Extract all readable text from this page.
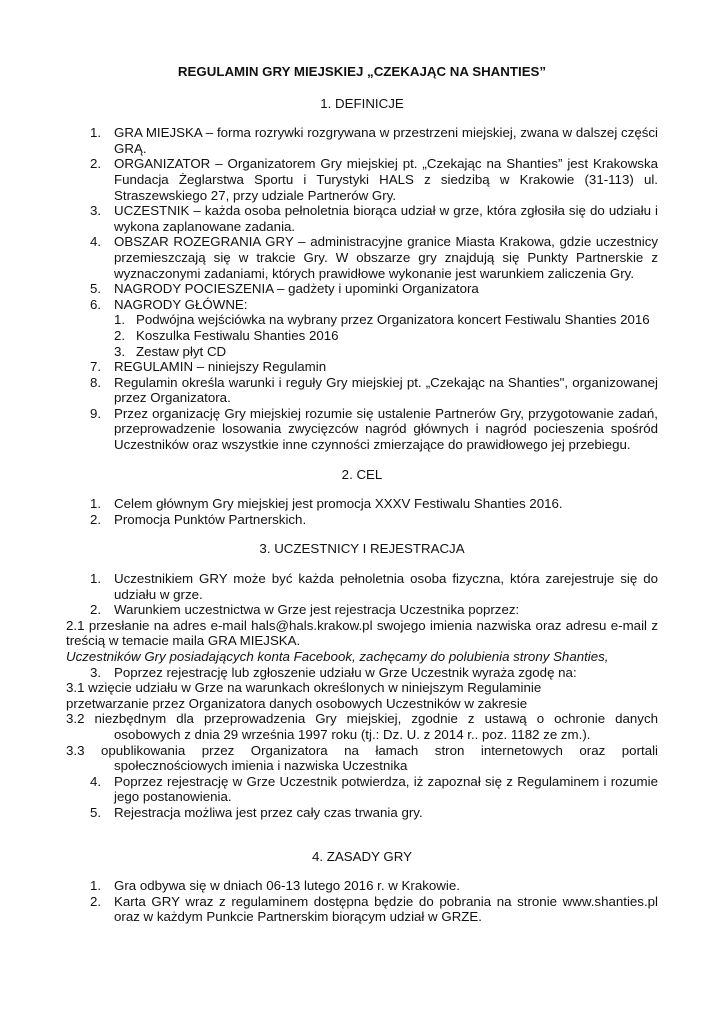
REGULAMIN GRY MIEJSKIEJ „CZEKAJĄC NA SHANTIES”
1. DEFINICJE
1. GRA MIEJSKA – forma rozrywki rozgrywana w przestrzeni miejskiej, zwana w dalszej części GRĄ.
2. ORGANIZATOR – Organizatorem Gry miejskiej pt. „Czekając na Shanties” jest Krakowska Fundacja Żeglarstwa Sportu i Turystyki HALS z siedzibą w Krakowie (31-113) ul. Straszewskiego 27, przy udziale Partnerów Gry.
3. UCZESTNIK – każda osoba pełnoletnia biorąca udział w grze, która zgłosiła się do udziału i wykona zaplanowane zadania.
4. OBSZAR ROZEGRANIA GRY – administracyjne granice Miasta Krakowa, gdzie uczestnicy przemieszczają się w trakcie Gry. W obszarze gry znajdują się Punkty Partnerskie z wyznaczonymi zadaniami, których prawidłowe wykonanie jest warunkiem zaliczenia Gry.
5. NAGRODY POCIESZENIA – gadżety i upominki Organizatora
6. NAGRODY GŁÓWNE:
1. Podwójna wejściówka na wybrany przez Organizatora koncert Festiwalu Shanties 2016
2. Koszulka Festiwalu Shanties 2016
3. Zestaw płyt CD
7. REGULAMIN – niniejszy Regulamin
8. Regulamin określa warunki i reguły Gry miejskiej pt. „Czekając na Shanties", organizowanej przez Organizatora.
9. Przez organizację Gry miejskiej rozumie się ustalenie Partnerów Gry, przygotowanie zadań, przeprowadzenie losowania zwycięzców nagród głównych i nagród pocieszenia spośród Uczestników oraz wszystkie inne czynności zmierzające do prawidłowego jej przebiegu.
2. CEL
1. Celem głównym Gry miejskiej jest promocja XXXV Festiwalu Shanties 2016.
2. Promocja Punktów Partnerskich.
3. UCZESTNICY I REJESTRACJA
1. Uczestnikiem GRY może być każda pełnoletnia osoba fizyczna, która zarejestruje się do udziału w grze.
2. Warunkiem uczestnictwa w Grze jest rejestracja Uczestnika poprzez:
2.1 przesłanie na adres e-mail hals@hals.krakow.pl swojego imienia nazwiska oraz adresu e-mail z treścią w temacie maila GRA MIEJSKA.
Uczestników Gry posiadających konta Facebook, zachęcamy do polubienia strony Shanties,
3. Poprzez rejestrację lub zgłoszenie udziału w Grze Uczestnik wyraża zgodę na:
3.1 wzięcie udziału w Grze na warunkach określonych w niniejszym Regulaminie
przetwarzanie przez Organizatora danych osobowych Uczestników w zakresie
3.2 niezbędnym dla przeprowadzenia Gry miejskiej, zgodnie z ustawą o ochronie danych osobowych z dnia 29 września 1997 roku (tj.: Dz. U. z 2014 r.. poz. 1182 ze zm.).
3.3 opublikowania przez Organizatora na łamach stron internetowych oraz portali społecznościowych imienia i nazwiska Uczestnika
4. Poprzez rejestrację w Grze Uczestnik potwierdza, iż zapoznał się z Regulaminem i rozumie jego postanowienia.
5. Rejestracja możliwa jest przez cały czas trwania gry.
4. ZASADY GRY
1. Gra odbywa się w dniach 06-13 lutego 2016 r. w Krakowie.
2. Karta GRY wraz z regulaminem dostępna będzie do pobrania na stronie www.shanties.pl oraz w każdym Punkcie Partnerskim biorącym udział w GRZE.
